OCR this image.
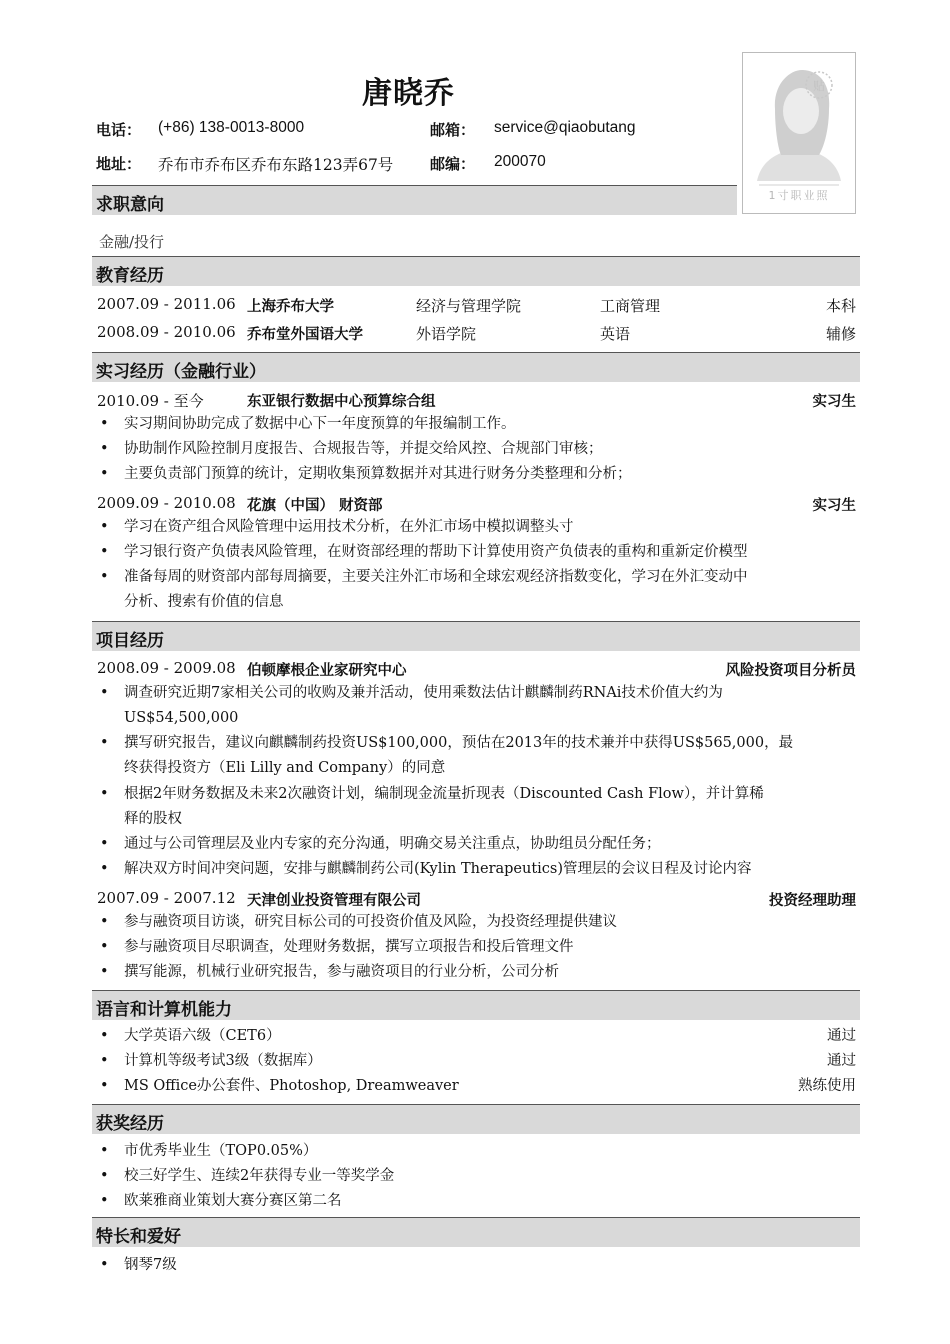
唐晓乔
电话： (+86) 138-0013-8000	邮箱： service@qiaobutang
地址： 乔布市乔布区乔布东路123弄67号 邮编： 200070
贴
1寸职业照
求职意向
金融/投行
教育经历
2007.09 - 2011.06 上海乔布大学	经济与管理学院	工商管理	本科
2008.09 - 2010.06 乔布堂外国语大学	外语学院	英语	辅修
实习经历（金融行业）
2010.09 - 至今	东亚银行数据中心预算综合组	实习生
• 实习期间协助完成了数据中心下一年度预算的年报编制工作。
• 协助制作风险控制月度报告、合规报告等，并提交给风控、合规部门审核；
• 主要负责部门预算的统计，定期收集预算数据并对其进行财务分类整理和分析；
2009.09 - 2010.08 花旗（中国） 财资部	实习生
• 学习在资产组合风险管理中运用技术分析，在外汇市场中模拟调整头寸
• 学习银行资产负债表风险管理，在财资部经理的帮助下计算使用资产负债表的重构和重新定价模型
• 准备每周的财资部内部每周摘要，主要关注外汇市场和全球宏观经济指数变化，学习在外汇变动中
分析、搜索有价值的信息
项目经历
2008.09 - 2009.08 伯顿摩根企业家研究中心	风险投资项目分析员
• 调查研究近期7家相关公司的收购及兼并活动，使用乘数法估计麒麟制药RNAi技术价值大约为
US$54,500,000
• 撰写研究报告，建议向麒麟制药投资US$100,000，预估在2013年的技术兼并中获得US$565,000，最
终获得投资方（Eli Lilly and Company）的同意
• 根据2年财务数据及未来2次融资计划，编制现金流量折现表（Discounted Cash Flow），并计算稀
释的股权
• 通过与公司管理层及业内专家的充分沟通，明确交易关注重点，协助组员分配任务；
• 解决双方时间冲突问题，安排与麒麟制药公司(Kylin Therapeutics)管理层的会议日程及讨论内容
2007.09 - 2007.12 天津创业投资管理有限公司	投资经理助理
• 参与融资项目访谈，研究目标公司的可投资价值及风险，为投资经理提供建议
• 参与融资项目尽职调查，处理财务数据，撰写立项报告和投后管理文件
• 撰写能源，机械行业研究报告，参与融资项目的行业分析，公司分析
语言和计算机能力
• 大学英语六级（CET6）	通过
• 计算机等级考试3级（数据库）	通过
• MS Office办公套件、Photoshop, Dreamweaver	熟练使用
获奖经历
• 市优秀毕业生（TOP0.05%）
• 校三好学生、连续2年获得专业一等奖学金
• 欧莱雅商业策划大赛分赛区第二名
特长和爱好
• 钢琴7级
